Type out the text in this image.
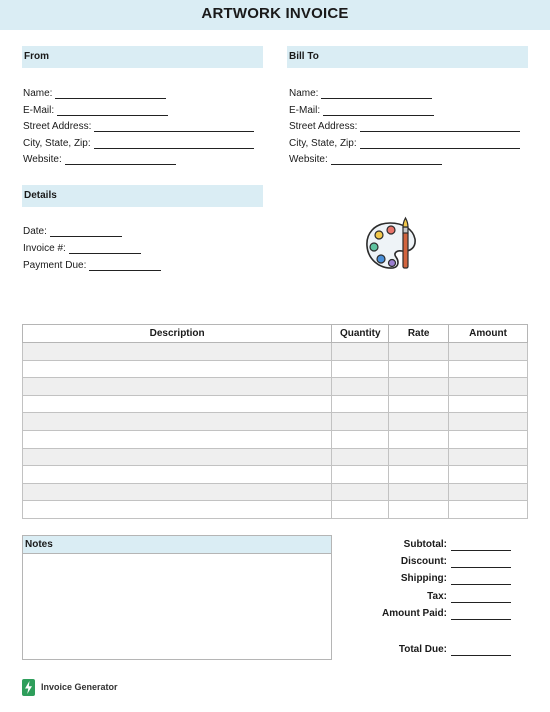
ARTWORK INVOICE
From
Name:
E-Mail:
Street Address:
City, State, Zip:
Website:
Bill To
Name:
E-Mail:
Street Address:
City, State, Zip:
Website:
Details
Date:
Invoice #:
Payment Due:
Description	Quantity	Rate	Amount

Notes	Subtotal:
Discount:
Shipping:
Tax:
Amount Paid:
Total Due:
Invoice Generator
